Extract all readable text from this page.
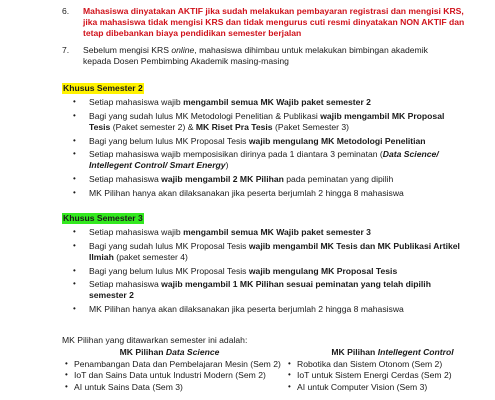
6.	Mahasiswa dinyatakan AKTIF jika sudah melakukan pembayaran registrasi dan mengisi KRS,
jika mahasiswa tidak mengisi KRS dan tidak mengurus cuti resmi dinyatakan NON AKTIF dan
tetap dibebankan biaya pendidikan semester berjalan
7.	Sebelum mengisi KRS online, mahasiswa dihimbau untuk melakukan bimbingan akademik
kepada Dosen Pembimbing Akademik masing-masing
Khusus Semester 2
• Setiap mahasiswa wajib mengambil semua MK Wajib paket semester 2
• Bagi yang sudah lulus MK Metodologi Penelitian & Publikasi wajib mengambil MK Proposal
Tesis (Paket semester 2) & MK Riset Pra Tesis (Paket Semester 3)
• Bagi yang belum lulus MK Proposal Tesis wajib mengulang MK Metodologi Penelitian
• Setiap mahasiswa wajib memposisikan dirinya pada 1 diantara 3 peminatan (Data Science/
Intellegent Control/ Smart Energy)
• Setiap mahasiswa wajib mengambil 2 MK Pilihan pada peminatan yang dipilih
• MK Pilihan hanya akan dilaksanakan jika peserta berjumlah 2 hingga 8 mahasiswa
Khusus Semester 3
• Setiap mahasiswa wajib mengambil semua MK Wajib paket semester 3
• Bagi yang sudah lulus MK Proposal Tesis wajib mengambil MK Tesis dan MK Publikasi Artikel
Ilmiah (paket semester 4)
• Bagi yang belum lulus MK Proposal Tesis wajib mengulang MK Proposal Tesis
• Setiap mahasiswa wajib mengambil 1 MK Pilihan sesuai peminatan yang telah dipilih
semester 2
• MK Pilihan hanya akan dilaksanakan jika peserta berjumlah 2 hingga 8 mahasiswa
MK Pilihan yang ditawarkan semester ini adalah:
MK Pilihan Data Science
• Penambangan Data dan Pembelajaran Mesin (Sem 2)
• IoT dan Sains Data untuk Industri Modern (Sem 2)
• AI untuk Sains Data (Sem 3)
MK Pilihan Intellegent Control
• Robotika dan Sistem Otonom (Sem 2)
• IoT untuk Sistem Energi Cerdas (Sem 2)
• AI untuk Computer Vision (Sem 3)
